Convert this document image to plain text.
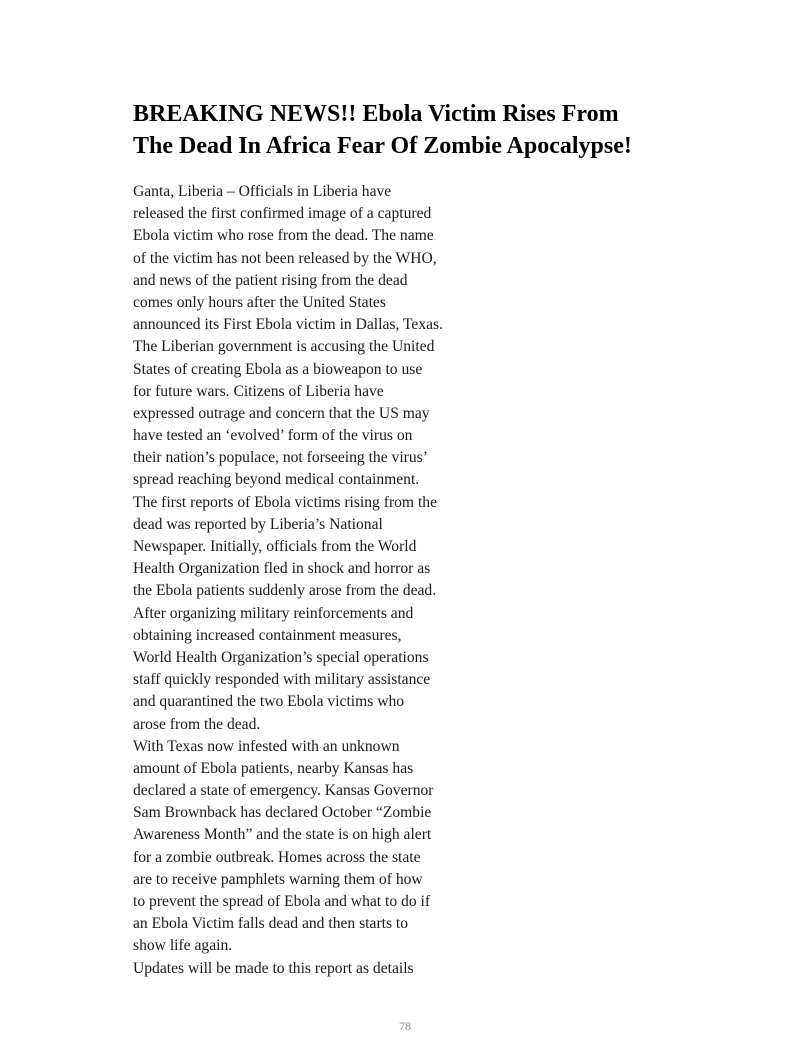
BREAKING NEWS!! Ebola Victim Rises From
The Dead In Africa Fear Of Zombie Apocalypse!
Ganta, Liberia – Officials in Liberia have
released the first confirmed image of a captured
Ebola victim who rose from the dead. The name
of the victim has not been released by the WHO,
and news of the patient rising from the dead
comes only hours after the United States
announced its First Ebola victim in Dallas, Texas.
The Liberian government is accusing the United
States of creating Ebola as a bioweapon to use
for future wars. Citizens of Liberia have
expressed outrage and concern that the US may
have tested an ‘evolved’ form of the virus on
their nation’s populace, not forseeing the virus’
spread reaching beyond medical containment.
The first reports of Ebola victims rising from the
dead was reported by Liberia’s National
Newspaper. Initially, officials from the World
Health Organization fled in shock and horror as
the Ebola patients suddenly arose from the dead.
After organizing military reinforcements and
obtaining increased containment measures,
World Health Organization’s special operations
staff quickly responded with military assistance
and quarantined the two Ebola victims who
arose from the dead.
With Texas now infested with an unknown
amount of Ebola patients, nearby Kansas has
declared a state of emergency. Kansas Governor
Sam Brownback has declared October “Zombie
Awareness Month” and the state is on high alert
for a zombie outbreak. Homes across the state
are to receive pamphlets warning them of how
to prevent the spread of Ebola and what to do if
an Ebola Victim falls dead and then starts to
show life again.
Updates will be made to this report as details
78
